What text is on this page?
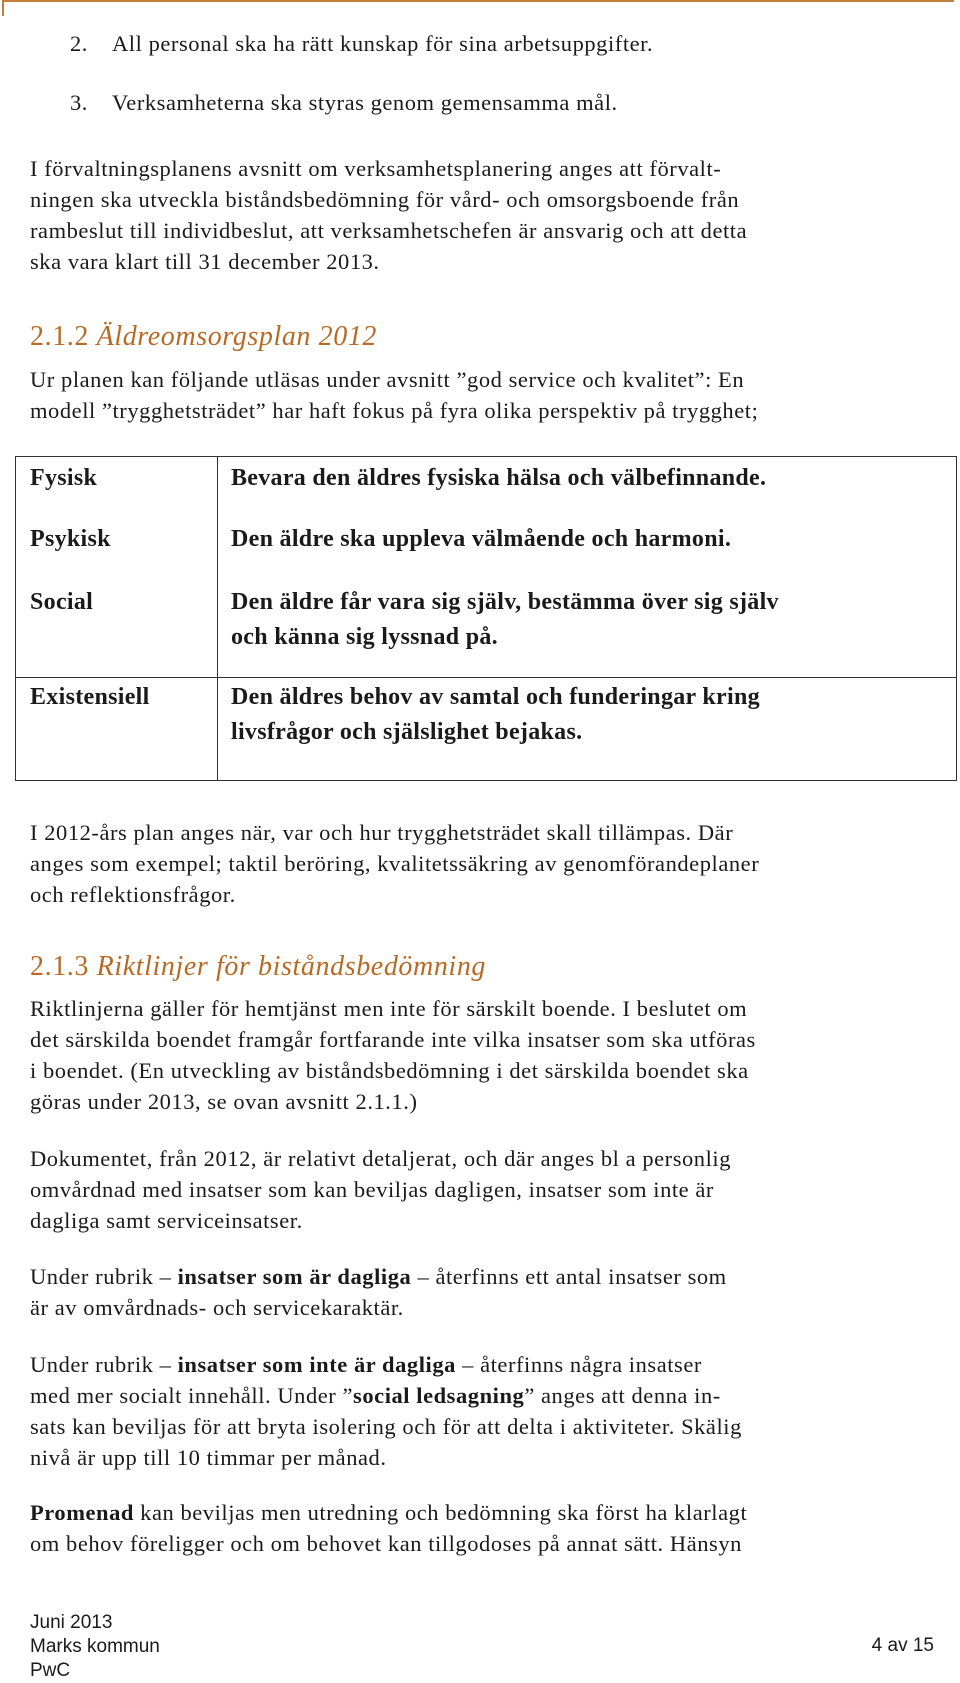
2. All personal ska ha rätt kunskap för sina arbetsuppgifter.
3. Verksamheterna ska styras genom gemensamma mål.
I förvaltningsplanens avsnitt om verksamhetsplanering anges att förvalt-
ningen ska utveckla biståndsbedömning för vård- och omsorgsboende från
rambeslut till individbeslut, att verksamhetschefen är ansvarig och att detta
ska vara klart till 31 december 2013.
2.1.2 Äldreomsorgsplan 2012
Ur planen kan följande utläsas under avsnitt ”god service och kvalitet”: En
modell ”trygghetsträdet” har haft fokus på fyra olika perspektiv på trygghet;
Fysisk	Bevara den äldres fysiska hälsa och välbefinnande.

Psykisk	Den äldre ska uppleva välmående och harmoni.

Social	Den äldre får vara sig själv, bestämma över sig själv
och känna sig lyssnad på.

Existensiell	Den äldres behov av samtal och funderingar kring
livsfrågor och själslighet bejakas.
I 2012-års plan anges när, var och hur trygghetsträdet skall tillämpas. Där
anges som exempel; taktil beröring, kvalitetssäkring av genomförandeplaner
och reflektionsfrågor.
2.1.3 Riktlinjer för biståndsbedömning
Riktlinjerna gäller för hemtjänst men inte för särskilt boende. I beslutet om
det särskilda boendet framgår fortfarande inte vilka insatser som ska utföras
i boendet. (En utveckling av biståndsbedömning i det särskilda boendet ska
göras under 2013, se ovan avsnitt 2.1.1.)
Dokumentet, från 2012, är relativt detaljerat, och där anges bl a personlig
omvårdnad med insatser som kan beviljas dagligen, insatser som inte är
dagliga samt serviceinsatser.
Under rubrik – insatser som är dagliga – återfinns ett antal insatser som
är av omvårdnads- och servicekaraktär.
Under rubrik – insatser som inte är dagliga – återfinns några insatser
med mer socialt innehåll. Under ”social ledsagning” anges att denna in-
sats kan beviljas för att bryta isolering och för att delta i aktiviteter. Skälig
nivå är upp till 10 timmar per månad.
Promenad kan beviljas men utredning och bedömning ska först ha klarlagt
om behov föreligger och om behovet kan tillgodoses på annat sätt. Hänsyn
Juni 2013
Marks kommun
PwC
4 av 15
